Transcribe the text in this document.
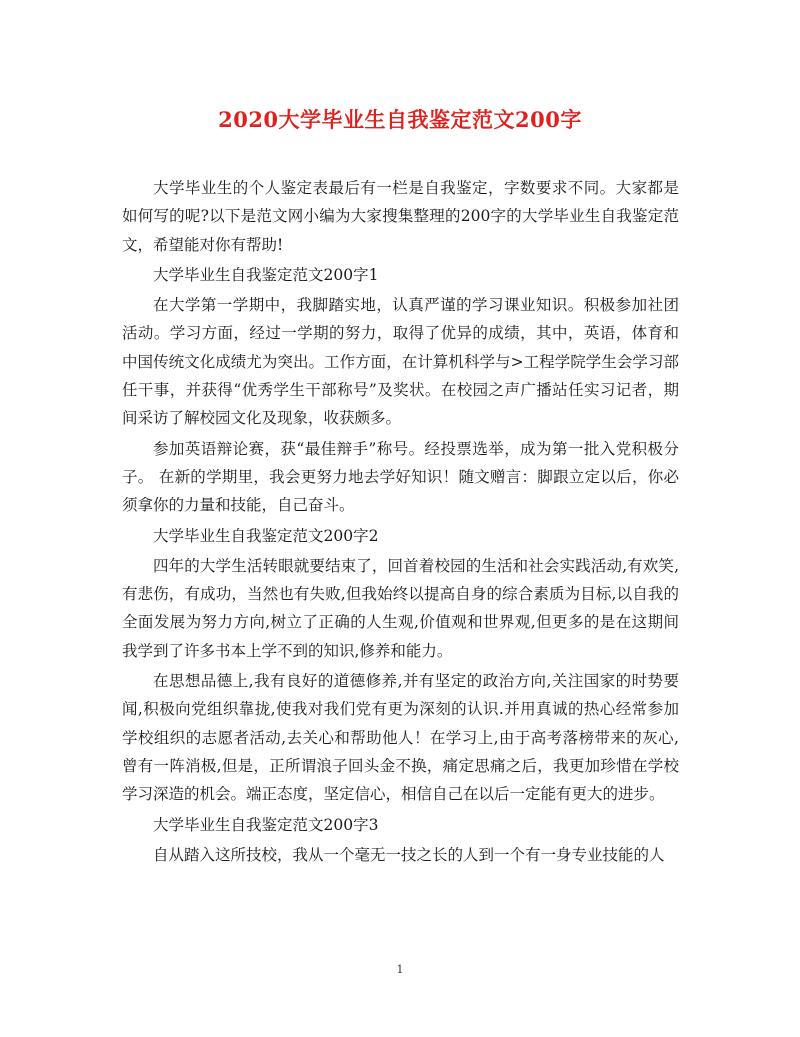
2020大学毕业生自我鉴定范文200字

大学毕业生的个人鉴定表最后有一栏是自我鉴定，字数要求不同。大家都是如何写的呢?以下是范文网小编为大家搜集整理的200字的大学毕业生自我鉴定范文，希望能对你有帮助!

大学毕业生自我鉴定范文200字1

在大学第一学期中，我脚踏实地，认真严谨的学习课业知识。积极参加社团活动。学习方面，经过一学期的努力，取得了优异的成绩，其中，英语，体育和中国传统文化成绩尤为突出。工作方面，在计算机科学与>工程学院学生会学习部任干事，并获得“优秀学生干部称号”及奖状。在校园之声广播站任实习记者，期间采访了解校园文化及现象，收获颇多。

参加英语辩论赛，获“最佳辩手”称号。经投票选举，成为第一批入党积极分子。 在新的学期里，我会更努力地去学好知识！随文赠言：脚跟立定以后，你必须拿你的力量和技能，自己奋斗。

大学毕业生自我鉴定范文200字2

四年的大学生活转眼就要结束了，回首着校园的生活和社会实践活动,有欢笑,有悲伤，有成功，当然也有失败,但我始终以提高自身的综合素质为目标,以自我的全面发展为努力方向,树立了正确的人生观,价值观和世界观,但更多的是在这期间我学到了许多书本上学不到的知识,修养和能力。

在思想品德上,我有良好的道德修养,并有坚定的政治方向,关注国家的时势要闻,积极向党组织靠拢,使我对我们党有更为深刻的认识.并用真诚的热心经常参加学校组织的志愿者活动,去关心和帮助他人！在学习上,由于高考落榜带来的灰心,曾有一阵消极,但是，正所谓浪子回头金不换，痛定思痛之后，我更加珍惜在学校学习深造的机会。端正态度，坚定信心，相信自己在以后一定能有更大的进步。

大学毕业生自我鉴定范文200字3

自从踏入这所技校，我从一个毫无一技之长的人到一个有一身专业技能的人

1
